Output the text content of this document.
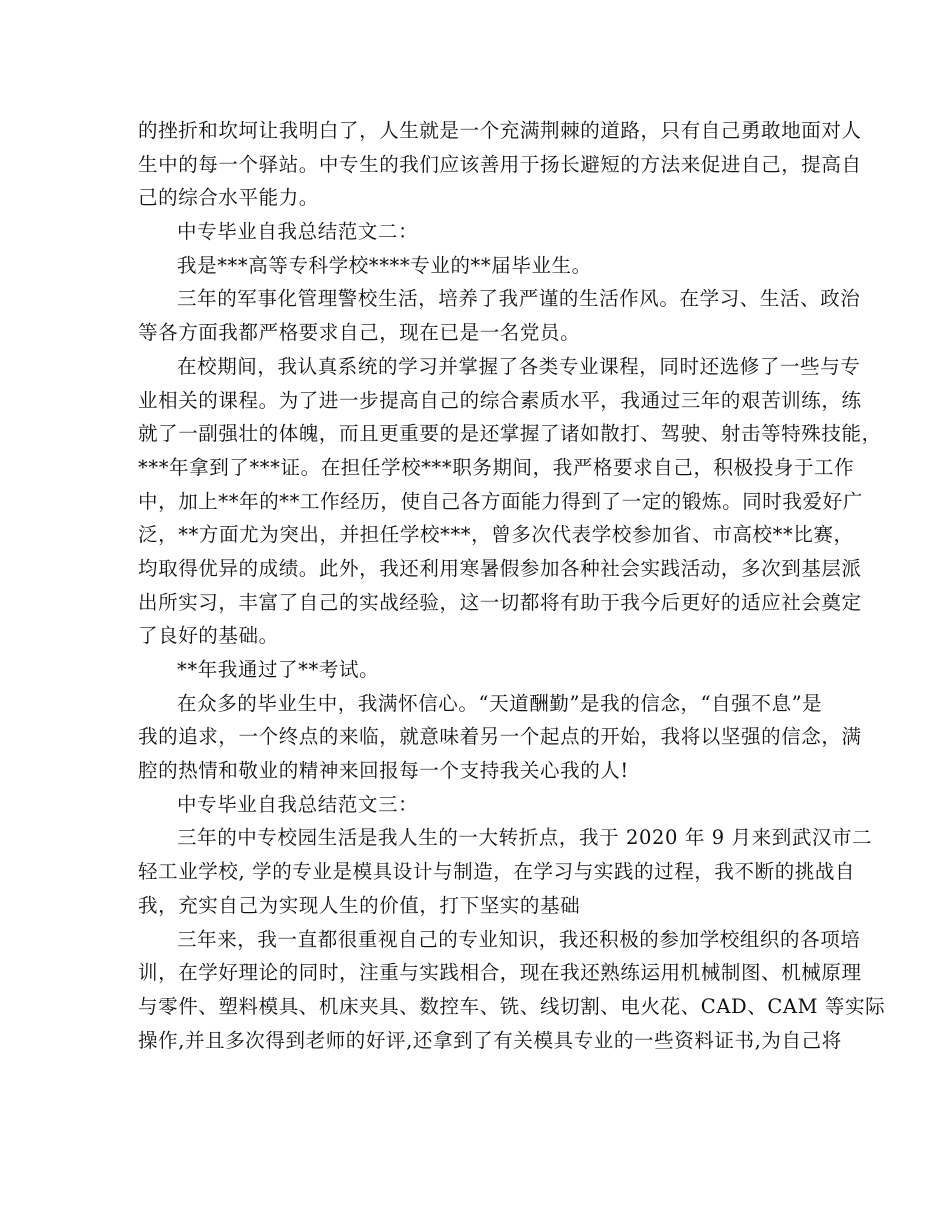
的挫折和坎坷让我明白了，人生就是一个充满荆棘的道路，只有自己勇敢地面对人
生中的每一个驿站。中专生的我们应该善用于扬长避短的方法来促进自己，提高自
己的综合水平能力。
中专毕业自我总结范文二：
我是***高等专科学校****专业的**届毕业生。
三年的军事化管理警校生活，培养了我严谨的生活作风。在学习、生活、政治
等各方面我都严格要求自己，现在已是一名党员。
在校期间，我认真系统的学习并掌握了各类专业课程，同时还选修了一些与专
业相关的课程。为了进一步提高自己的综合素质水平，我通过三年的艰苦训练，练
就了一副强壮的体魄，而且更重要的是还掌握了诸如散打、驾驶、射击等特殊技能，
***年拿到了***证。在担任学校***职务期间，我严格要求自己，积极投身于工作
中，加上**年的**工作经历，使自己各方面能力得到了一定的锻炼。同时我爱好广
泛，**方面尤为突出，并担任学校***，曾多次代表学校参加省、市高校**比赛，
均取得优异的成绩。此外，我还利用寒暑假参加各种社会实践活动，多次到基层派
出所实习，丰富了自己的实战经验，这一切都将有助于我今后更好的适应社会奠定
了良好的基础。
**年我通过了**考试。
在众多的毕业生中，我满怀信心。“天道酬勤”是我的信念，“自强不息”是
我的追求，一个终点的来临，就意味着另一个起点的开始，我将以坚强的信念，满
腔的热情和敬业的精神来回报每一个支持我关心我的人!
中专毕业自我总结范文三：
三年的中专校园生活是我人生的一大转折点，我于 2020 年 9 月来到武汉市二
轻工业学校, 学的专业是模具设计与制造，在学习与实践的过程，我不断的挑战自
我，充实自己为实现人生的价值，打下坚实的基础
三年来，我一直都很重视自己的专业知识，我还积极的参加学校组织的各项培
训，在学好理论的同时，注重与实践相合，现在我还熟练运用机械制图、机械原理
与零件、塑料模具、机床夹具、数控车、铣、线切割、电火花、CAD、CAM 等实际
操作,并且多次得到老师的好评,还拿到了有关模具专业的一些资料证书,为自己将
